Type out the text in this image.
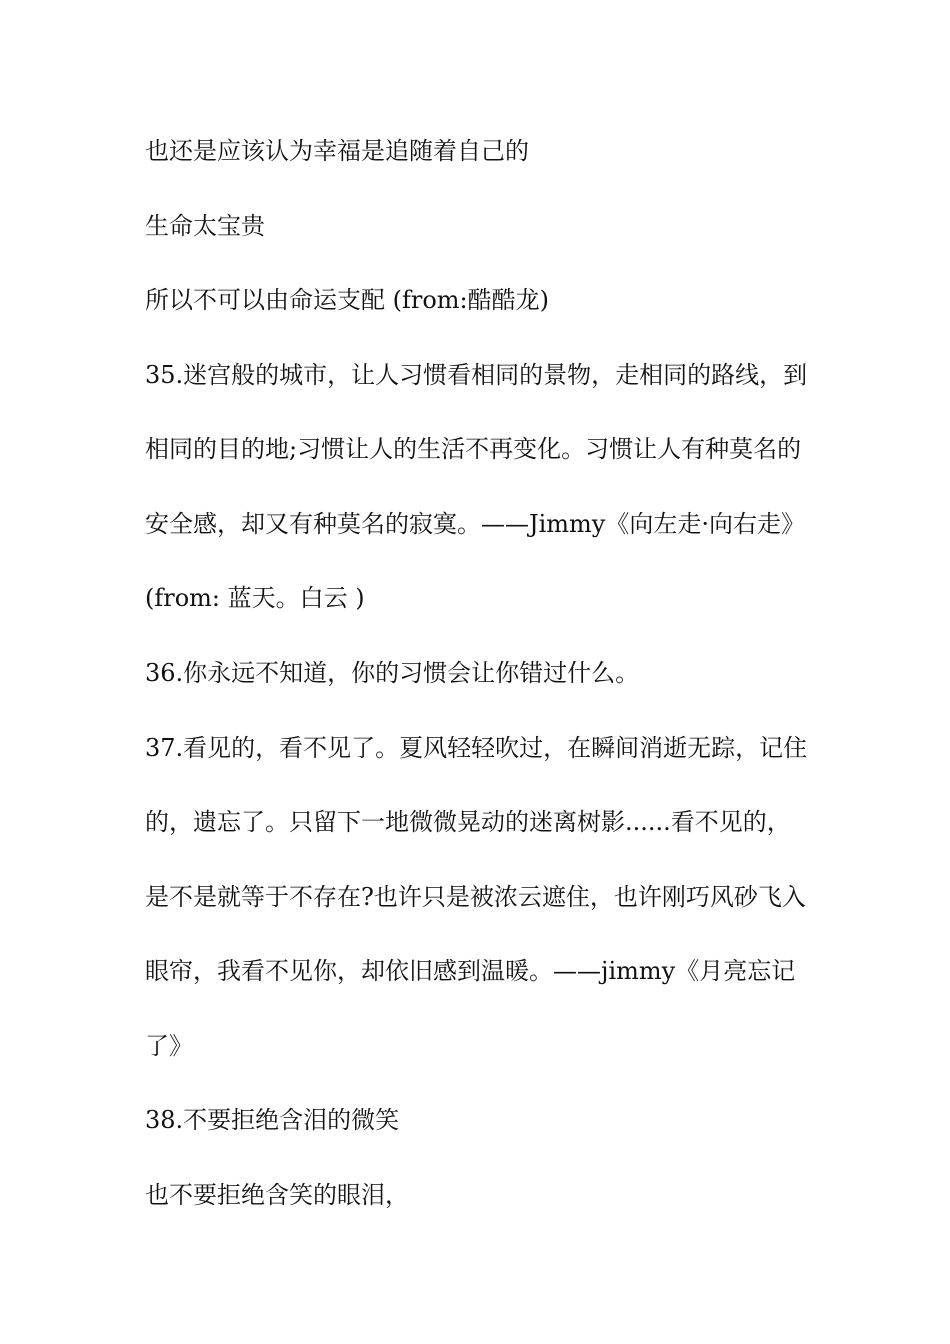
也还是应该认为幸福是追随着自己的
生命太宝贵
所以不可以由命运支配 (from:酷酷龙)
35.迷宫般的城市，让人习惯看相同的景物，走相同的路线，到
相同的目的地;习惯让人的生活不再变化。习惯让人有种莫名的
安全感，却又有种莫名的寂寞。——Jimmy《向左走·向右走》
(from: 蓝天。白云 )
36.你永远不知道，你的习惯会让你错过什么。
37.看见的，看不见了。夏风轻轻吹过，在瞬间消逝无踪，记住
的，遗忘了。只留下一地微微晃动的迷离树影......看不见的，
是不是就等于不存在?也许只是被浓云遮住，也许刚巧风砂飞入
眼帘，我看不见你，却依旧感到温暖。——jimmy《月亮忘记
了》
38.不要拒绝含泪的微笑
也不要拒绝含笑的眼泪，
